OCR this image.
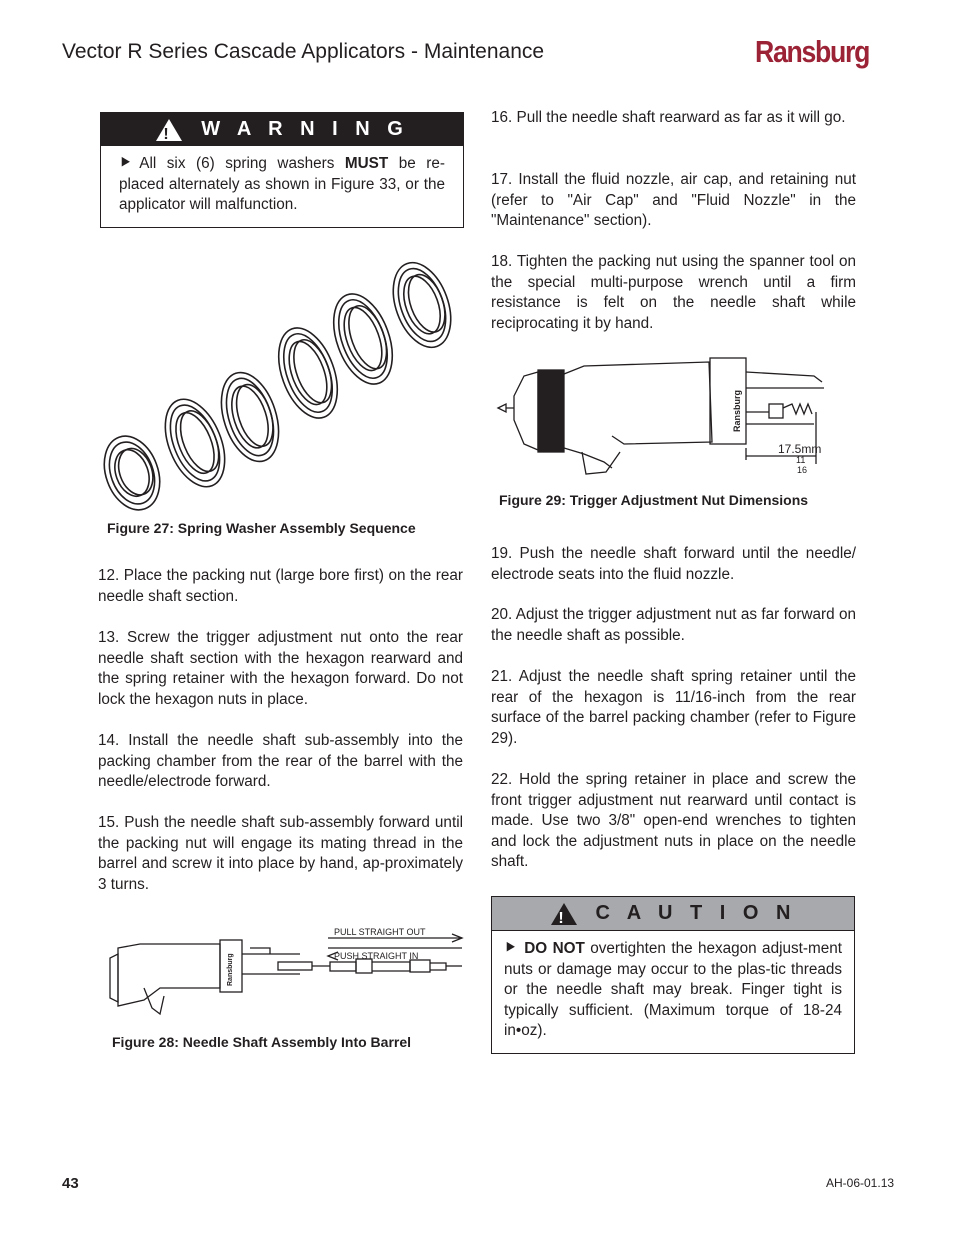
Vector R Series Cascade Applicators - Maintenance	Ransburg
! W A R N I N G
⯈ All six (6) spring washers MUST be re-placed alternately as shown in Figure 33, or the applicator will malfunction.
Figure 27: Spring Washer Assembly Sequence
12. Place the packing nut (large bore first) on the rear needle shaft section.
13. Screw the trigger adjustment nut onto the rear needle shaft section with the hexagon rearward and the spring retainer with the hexagon forward. Do not lock the hexagon nuts in place.
14. Install the needle shaft sub-assembly into the packing chamber from the rear of the barrel with the needle/electrode forward.
15. Push the needle shaft sub-assembly forward until the packing nut will engage its mating thread in the barrel and screw it into place by hand, ap-proximately 3 turns.
PULL STRAIGHT OUT
PUSH STRAIGHT IN
Ransburg
Figure 28: Needle Shaft Assembly Into Barrel
16. Pull the needle shaft rearward as far as it will go.
17. Install the fluid nozzle, air cap, and retaining nut (refer to "Air Cap" and "Fluid Nozzle" in the "Maintenance" section).
18. Tighten the packing nut using the spanner tool on the special multi-purpose wrench until a firm resistance is felt on the needle shaft while reciprocating it by hand.
17.5mm
11
16
Ransburg
Figure 29: Trigger Adjustment Nut Dimensions
19. Push the needle shaft forward until the needle/ electrode seats into the fluid nozzle.
20. Adjust the trigger adjustment nut as far forward on the needle shaft as possible.
21. Adjust the needle shaft spring retainer until the rear of the hexagon is 11/16-inch from the rear surface of the barrel packing chamber (refer to Figure 29).
22. Hold the spring retainer in place and screw the front trigger adjustment nut rearward until contact is made. Use two 3/8" open-end wrenches to tighten and lock the adjustment nuts in place on the needle shaft.
! C A U T I O N
⯈ DO NOT overtighten the hexagon adjust-ment nuts or damage may occur to the plas-tic threads or the needle shaft may break. Finger tight is typically sufficient. (Maximum torque of 18-24 in•oz).
43	AH-06-01.13
